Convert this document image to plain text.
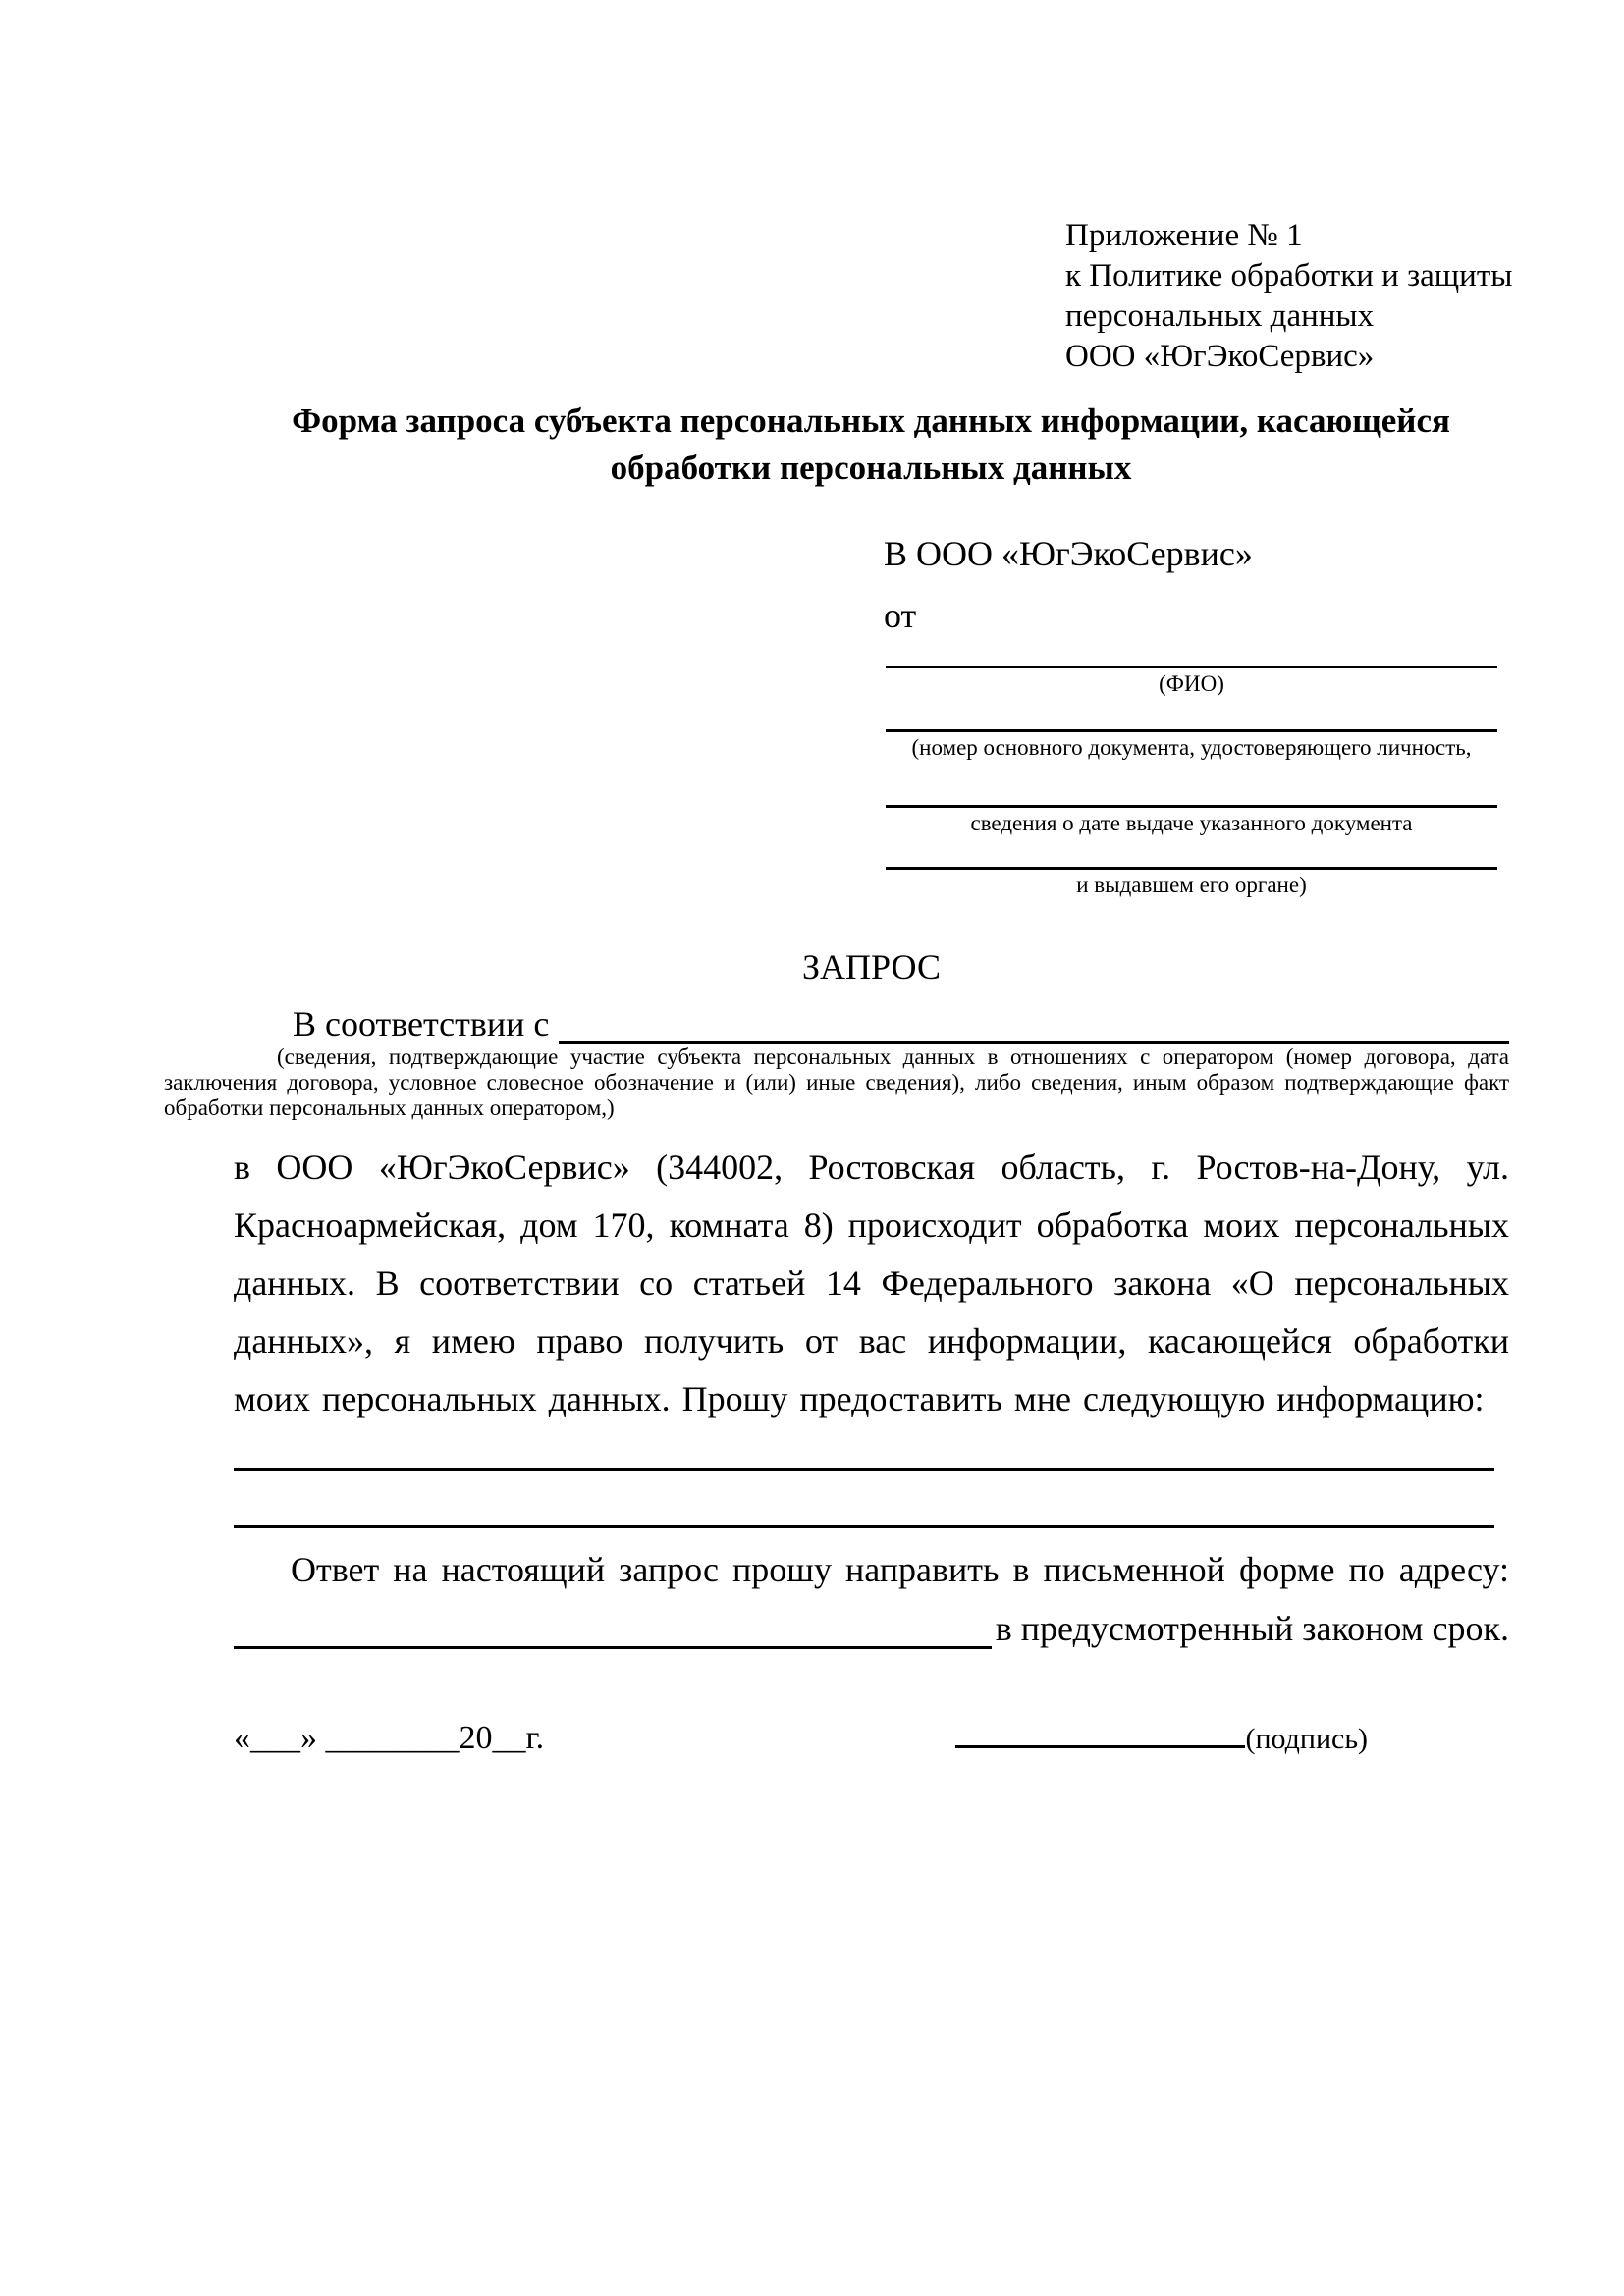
Приложение № 1
к Политике обработки и защиты
персональных данных
ООО «ЮгЭкоСервис»
Форма запроса субъекта персональных данных информации, касающейся обработки персональных данных
В ООО «ЮгЭкоСервис»
от
(ФИО)
(номер основного документа, удостоверяющего личность,
сведения о дате выдаче указанного документа
и выдавшем его органе)
ЗАПРОС
В соответствии с
(сведения, подтверждающие участие субъекта персональных данных в отношениях с оператором (номер договора, дата заключения договора, условное словесное обозначение и (или) иные сведения), либо сведения, иным образом подтверждающие факт обработки персональных данных оператором,)
в ООО «ЮгЭкоСервис» (344002, Ростовская область, г. Ростов-на-Дону, ул. Красноармейская, дом 170, комната 8) происходит обработка моих персональных данных. В соответствии со статьей 14 Федерального закона «О персональных данных», я имею право получить от вас информации, касающейся обработки моих персональных данных. Прошу предоставить мне следующую информацию:
Ответ на настоящий запрос прошу направить в письменной форме по адресу:
в предусмотренный законом срок.
«___» ________20__г.	(подпись)
